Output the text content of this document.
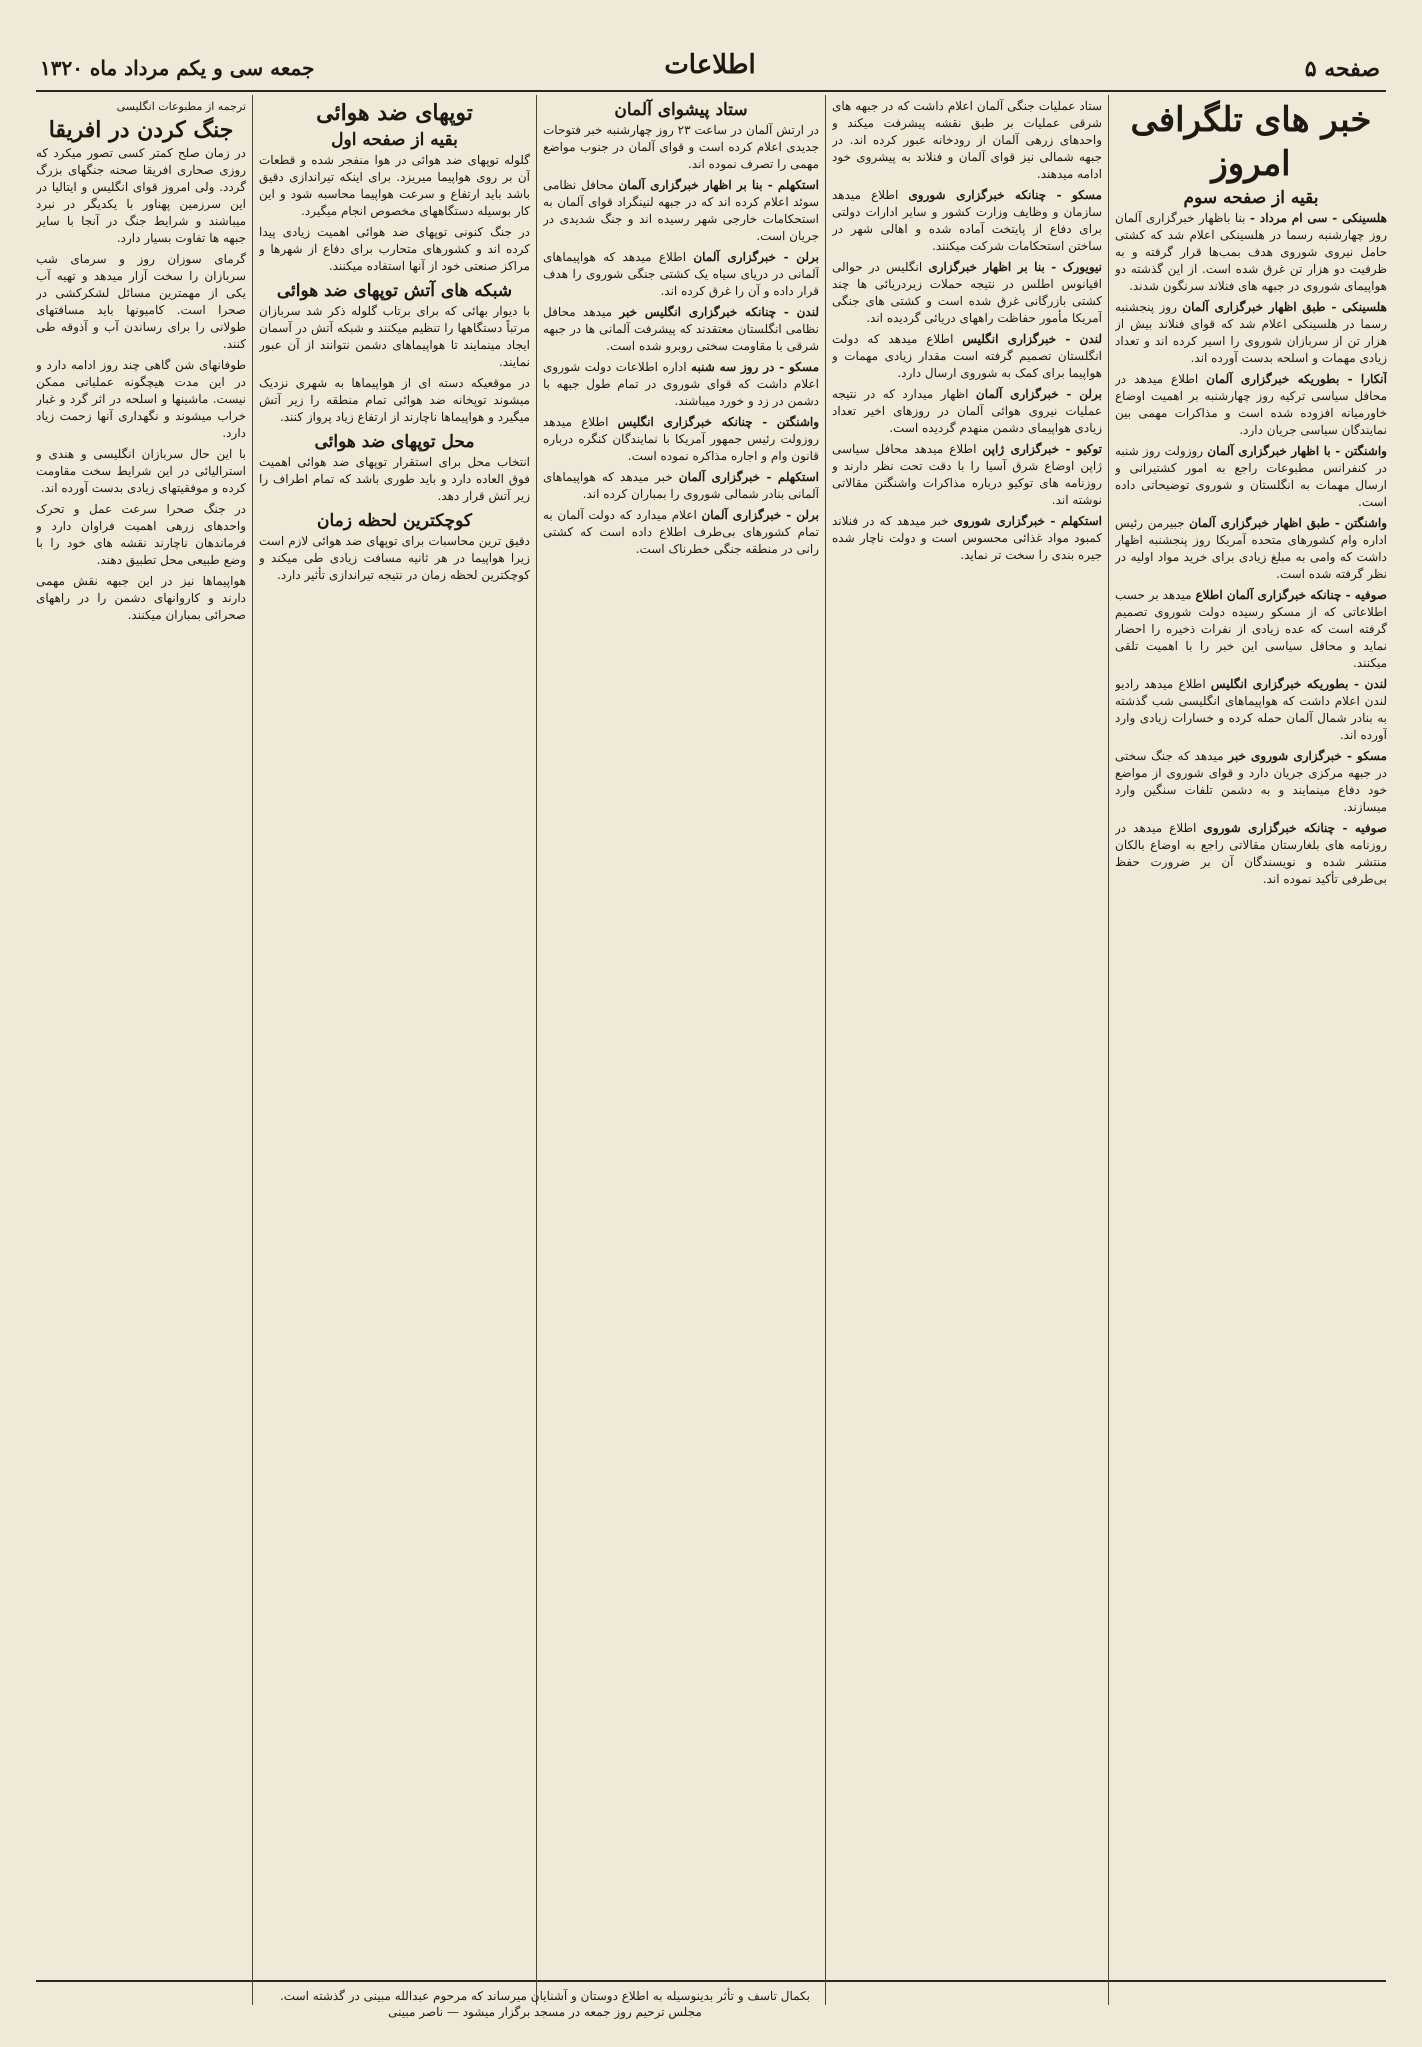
صفحه ۵
اطلاعات
جمعه سی و یکم مرداد ماه ۱۳۲۰
خبر های تلگرافی امروز
بقیه از صفحه سوم

هلسینکی - سی ام مرداد - بنا باظهار خبرگزاری آلمان روز چهارشنبه رسما در هلسینکی اعلام شد که کشتی حامل نیروی شوروی هدف بمب‌ها قرار گرفته و به ظرفیت دو هزار تن غرق شده است. از این گذشته دو هواپیمای شوروی در جبهه های فنلاند سرنگون شدند.

هلسینکی - طبق اظهار خبرگزاری آلمان روز پنجشنبه رسما در هلسینکی اعلام شد که قوای فنلاند بیش از هزار تن از سربازان شوروی را اسیر کرده اند و تعداد زیادی مهمات و اسلحه بدست آورده اند.

آنکارا - بطوریکه خبرگزاری آلمان اطلاع میدهد در محافل سیاسی ترکیه روز چهارشنبه بر اهمیت اوضاع خاورمیانه افزوده شده است و مذاکرات مهمی بین نمایندگان سیاسی جریان دارد.

واشنگتن - با اظهار خبرگزاری آلمان روزولت روز شنبه در کنفرانس مطبوعات راجع به امور کشتیرانی و ارسال مهمات به انگلستان و شوروی توضیحاتی داده است.

واشنگتن - طبق اظهار خبرگزاری آلمان جبیرمن رئیس اداره وام کشورهای متحده آمریکا روز پنجشنبه اظهار داشت که وامی به مبلغ زیادی برای خرید مواد اولیه در نظر گرفته شده است.

صوفیه - چنانکه خبرگزاری آلمان اطلاع میدهد بر حسب اطلاعاتی که از مسکو رسیده دولت شوروی تصمیم گرفته است که عده زیادی از نفرات ذخیره را احضار نماید و محافل سیاسی این خبر را با اهمیت تلقی میکنند.

لندن - بطوریکه خبرگزاری انگلیس اطلاع میدهد رادیو لندن اعلام داشت که هواپیماهای انگلیسی شب گذشته به بنادر شمال آلمان حمله کرده و خسارات زیادی وارد آورده اند.

مسکو - خبرگزاری شوروی خبر میدهد که جنگ سختی در جبهه مرکزی جریان دارد و قوای شوروی از مواضع خود دفاع مینمایند و به دشمن تلفات سنگین وارد میسازند.

صوفیه - چنانکه خبرگزاری شوروی اطلاع میدهد در روزنامه های بلغارستان مقالاتی راجع به اوضاع بالکان منتشر شده و نویسندگان آن بر ضرورت حفظ بی‌طرفی تأکید نموده اند.

ستاد عملیات جنگی آلمان اعلام داشت که در جبهه های شرقی عملیات بر طبق نقشه پیشرفت میکند و واحدهای زرهی آلمان از رودخانه عبور کرده اند. در جبهه شمالی نیز قوای آلمان و فنلاند به پیشروی خود ادامه میدهند.

مسکو - چنانکه خبرگزاری شوروی اطلاع میدهد سازمان و وظایف وزارت کشور و سایر ادارات دولتی برای دفاع از پایتخت آماده شده و اهالی شهر در ساختن استحکامات شرکت میکنند.

نیویورک - بنا بر اظهار خبرگزاری انگلیس در حوالی اقیانوس اطلس در نتیجه حملات زیردریائی ها چند کشتی بازرگانی غرق شده است و کشتی های جنگی آمریکا مأمور حفاظت راههای دریائی گردیده اند.

لندن - خبرگزاری انگلیس اطلاع میدهد که دولت انگلستان تصمیم گرفته است مقدار زیادی مهمات و هواپیما برای کمک به شوروی ارسال دارد.

برلن - خبرگزاری آلمان اظهار میدارد که در نتیجه عملیات نیروی هوائی آلمان در روزهای اخیر تعداد زیادی هواپیمای دشمن منهدم گردیده است.

توکیو - خبرگزاری ژاپن اطلاع میدهد محافل سیاسی ژاپن اوضاع شرق آسیا را با دقت تحت نظر دارند و روزنامه های توکیو درباره مذاکرات واشنگتن مقالاتی نوشته اند.

استکهلم - خبرگزاری شوروی خبر میدهد که در فنلاند کمبود مواد غذائی محسوس است و دولت ناچار شده جیره بندی را سخت تر نماید.

ستاد پیشوای آلمان

در ارتش آلمان در ساعت ۲۳ روز چهارشنبه خبر فتوحات جدیدی اعلام کرده است و قوای آلمان در جنوب مواضع مهمی را تصرف نموده اند.

استکهلم - بنا بر اظهار خبرگزاری آلمان محافل نظامی سوئد اعلام کرده اند که در جبهه لنینگراد قوای آلمان به استحکامات خارجی شهر رسیده اند و جنگ شدیدی در جریان است.

برلن - خبرگزاری آلمان اطلاع میدهد که هواپیماهای آلمانی در دریای سیاه یک کشتی جنگی شوروی را هدف قرار داده و آن را غرق کرده اند.

لندن - چنانکه خبرگزاری انگلیس خبر میدهد محافل نظامی انگلستان معتقدند که پیشرفت آلمانی ها در جبهه شرقی با مقاومت سختی روبرو شده است.

مسکو - در روز سه شنبه اداره اطلاعات دولت شوروی اعلام داشت که قوای شوروی در تمام طول جبهه با دشمن در زد و خورد میباشند.

واشنگتن - چنانکه خبرگزاری انگلیس اطلاع میدهد روزولت رئیس جمهور آمریکا با نمایندگان کنگره درباره قانون وام و اجاره مذاکره نموده است.

استکهلم - خبرگزاری آلمان خبر میدهد که هواپیماهای آلمانی بنادر شمالی شوروی را بمباران کرده اند.

برلن - خبرگزاری آلمان اعلام میدارد که دولت آلمان به تمام کشورهای بی‌طرف اطلاع داده است که کشتی رانی در منطقه جنگی خطرناک است.

توپهای ضد هوائی
بقیه از صفحه اول

گلوله توپهای ضد هوائی در هوا منفجر شده و قطعات آن بر روی هواپیما میریزد. برای اینکه تیراندازی دقیق باشد باید ارتفاع و سرعت هواپیما محاسبه شود و این کار بوسیله دستگاههای مخصوص انجام میگیرد.

در جنگ کنونی توپهای ضد هوائی اهمیت زیادی پیدا کرده اند و کشورهای متحارب برای دفاع از شهرها و مراکز صنعتی خود از آنها استفاده میکنند.

شبکه های آتش توپهای ضد هوائی

با دیوار بهائی که برای برتاب گلوله ذکر شد سربازان مرتباً دستگاهها را تنظیم میکنند و شبکه آتش در آسمان ایجاد مینمایند تا هواپیماهای دشمن نتوانند از آن عبور نمایند.

در موقعیکه دسته ای از هواپیماها به شهری نزدیک میشوند توپخانه ضد هوائی تمام منطقه را زیر آتش میگیرد و هواپیماها ناچارند از ارتفاع زیاد پرواز کنند.

محل توپهای ضد هوائی

انتخاب محل برای استقرار توپهای ضد هوائی اهمیت فوق العاده دارد و باید طوری باشد که تمام اطراف را زیر آتش قرار دهد.

کوچکترین لحظه زمان

دقیق ترین محاسبات برای توپهای ضد هوائی لازم است زیرا هواپیما در هر ثانیه مسافت زیادی طی میکند و کوچکترین لحظه زمان در نتیجه تیراندازی تأثیر دارد.

ترجمه از مطبوعات انگلیسی
جنگ کردن در افریقا

در زمان صلح کمتر کسی تصور میکرد که روزی صحاری افریقا صحنه جنگهای بزرگ گردد. ولی امروز قوای انگلیس و ایتالیا در این سرزمین پهناور با یکدیگر در نبرد میباشند و شرایط جنگ در آنجا با سایر جبهه ها تفاوت بسیار دارد.

گرمای سوزان روز و سرمای شب سربازان را سخت آزار میدهد و تهیه آب یکی از مهمترین مسائل لشکرکشی در صحرا است. کامیونها باید مسافتهای طولانی را برای رساندن آب و آذوقه طی کنند.

طوفانهای شن گاهی چند روز ادامه دارد و در این مدت هیچگونه عملیاتی ممکن نیست. ماشینها و اسلحه در اثر گرد و غبار خراب میشوند و نگهداری آنها زحمت زیاد دارد.

با این حال سربازان انگلیسی و هندی و استرالیائی در این شرایط سخت مقاومت کرده و موفقیتهای زیادی بدست آورده اند.

در جنگ صحرا سرعت عمل و تحرک واحدهای زرهی اهمیت فراوان دارد و فرماندهان ناچارند نقشه های خود را با وضع طبیعی محل تطبیق دهند.

هواپیماها نیز در این جبهه نقش مهمی دارند و کاروانهای دشمن را در راههای صحرائی بمباران میکنند.

بکمال تاسف و تأثر بدینوسیله به اطلاع دوستان و آشنایان میرساند که مرحوم عبدالله مبینی در گذشته است.
مجلس ترحیم روز جمعه در مسجد برگزار میشود — ناصر مبینی
